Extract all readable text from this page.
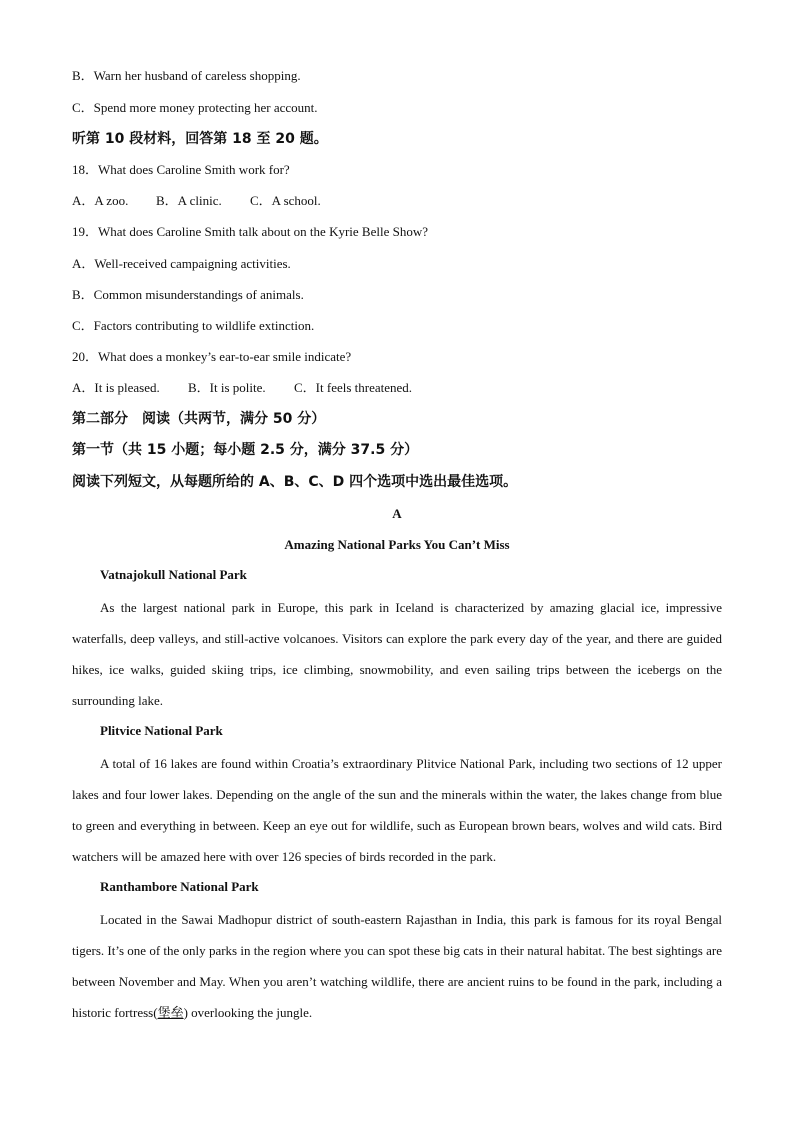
B．Warn her husband of careless shopping.
C．Spend more money protecting her account.
听第 10 段材料，回答第 18 至 20 题。
18．What does Caroline Smith work for?
A．A zoo. B．A clinic. C．A school.
19．What does Caroline Smith talk about on the Kyrie Belle Show?
A．Well-received campaigning activities.
B．Common misunderstandings of animals.
C．Factors contributing to wildlife extinction.
20．What does a monkey’s ear-to-ear smile indicate?
A．It is pleased. B．It is polite. C．It feels threatened.
第二部分　阅读（共两节，满分 50 分）
第一节（共 15 小题；每小题 2.5 分，满分 37.5 分）
阅读下列短文，从每题所给的 A、B、C、D 四个选项中选出最佳选项。
A
Amazing National Parks You Can’t Miss
Vatnajokull National Park

As the largest national park in Europe, this park in Iceland is characterized by amazing glacial ice, impressive waterfalls, deep valleys, and still-active volcanoes. Visitors can explore the park every day of the year, and there are guided hikes, ice walks, guided skiing trips, ice climbing, snowmobility, and even sailing trips between the icebergs on the surrounding lake.

Plitvice National Park

A total of 16 lakes are found within Croatia’s extraordinary Plitvice National Park, including two sections of 12 upper lakes and four lower lakes. Depending on the angle of the sun and the minerals within the water, the lakes change from blue to green and everything in between. Keep an eye out for wildlife, such as European brown bears, wolves and wild cats. Bird watchers will be amazed here with over 126 species of birds recorded in the park.

Ranthambore National Park

Located in the Sawai Madhopur district of south-eastern Rajasthan in India, this park is famous for its royal Bengal tigers. It’s one of the only parks in the region where you can spot these big cats in their natural habitat. The best sightings are between November and May. When you aren’t watching wildlife, there are ancient ruins to be found in the park, including a historic fortress(堡垒) overlooking the jungle.
